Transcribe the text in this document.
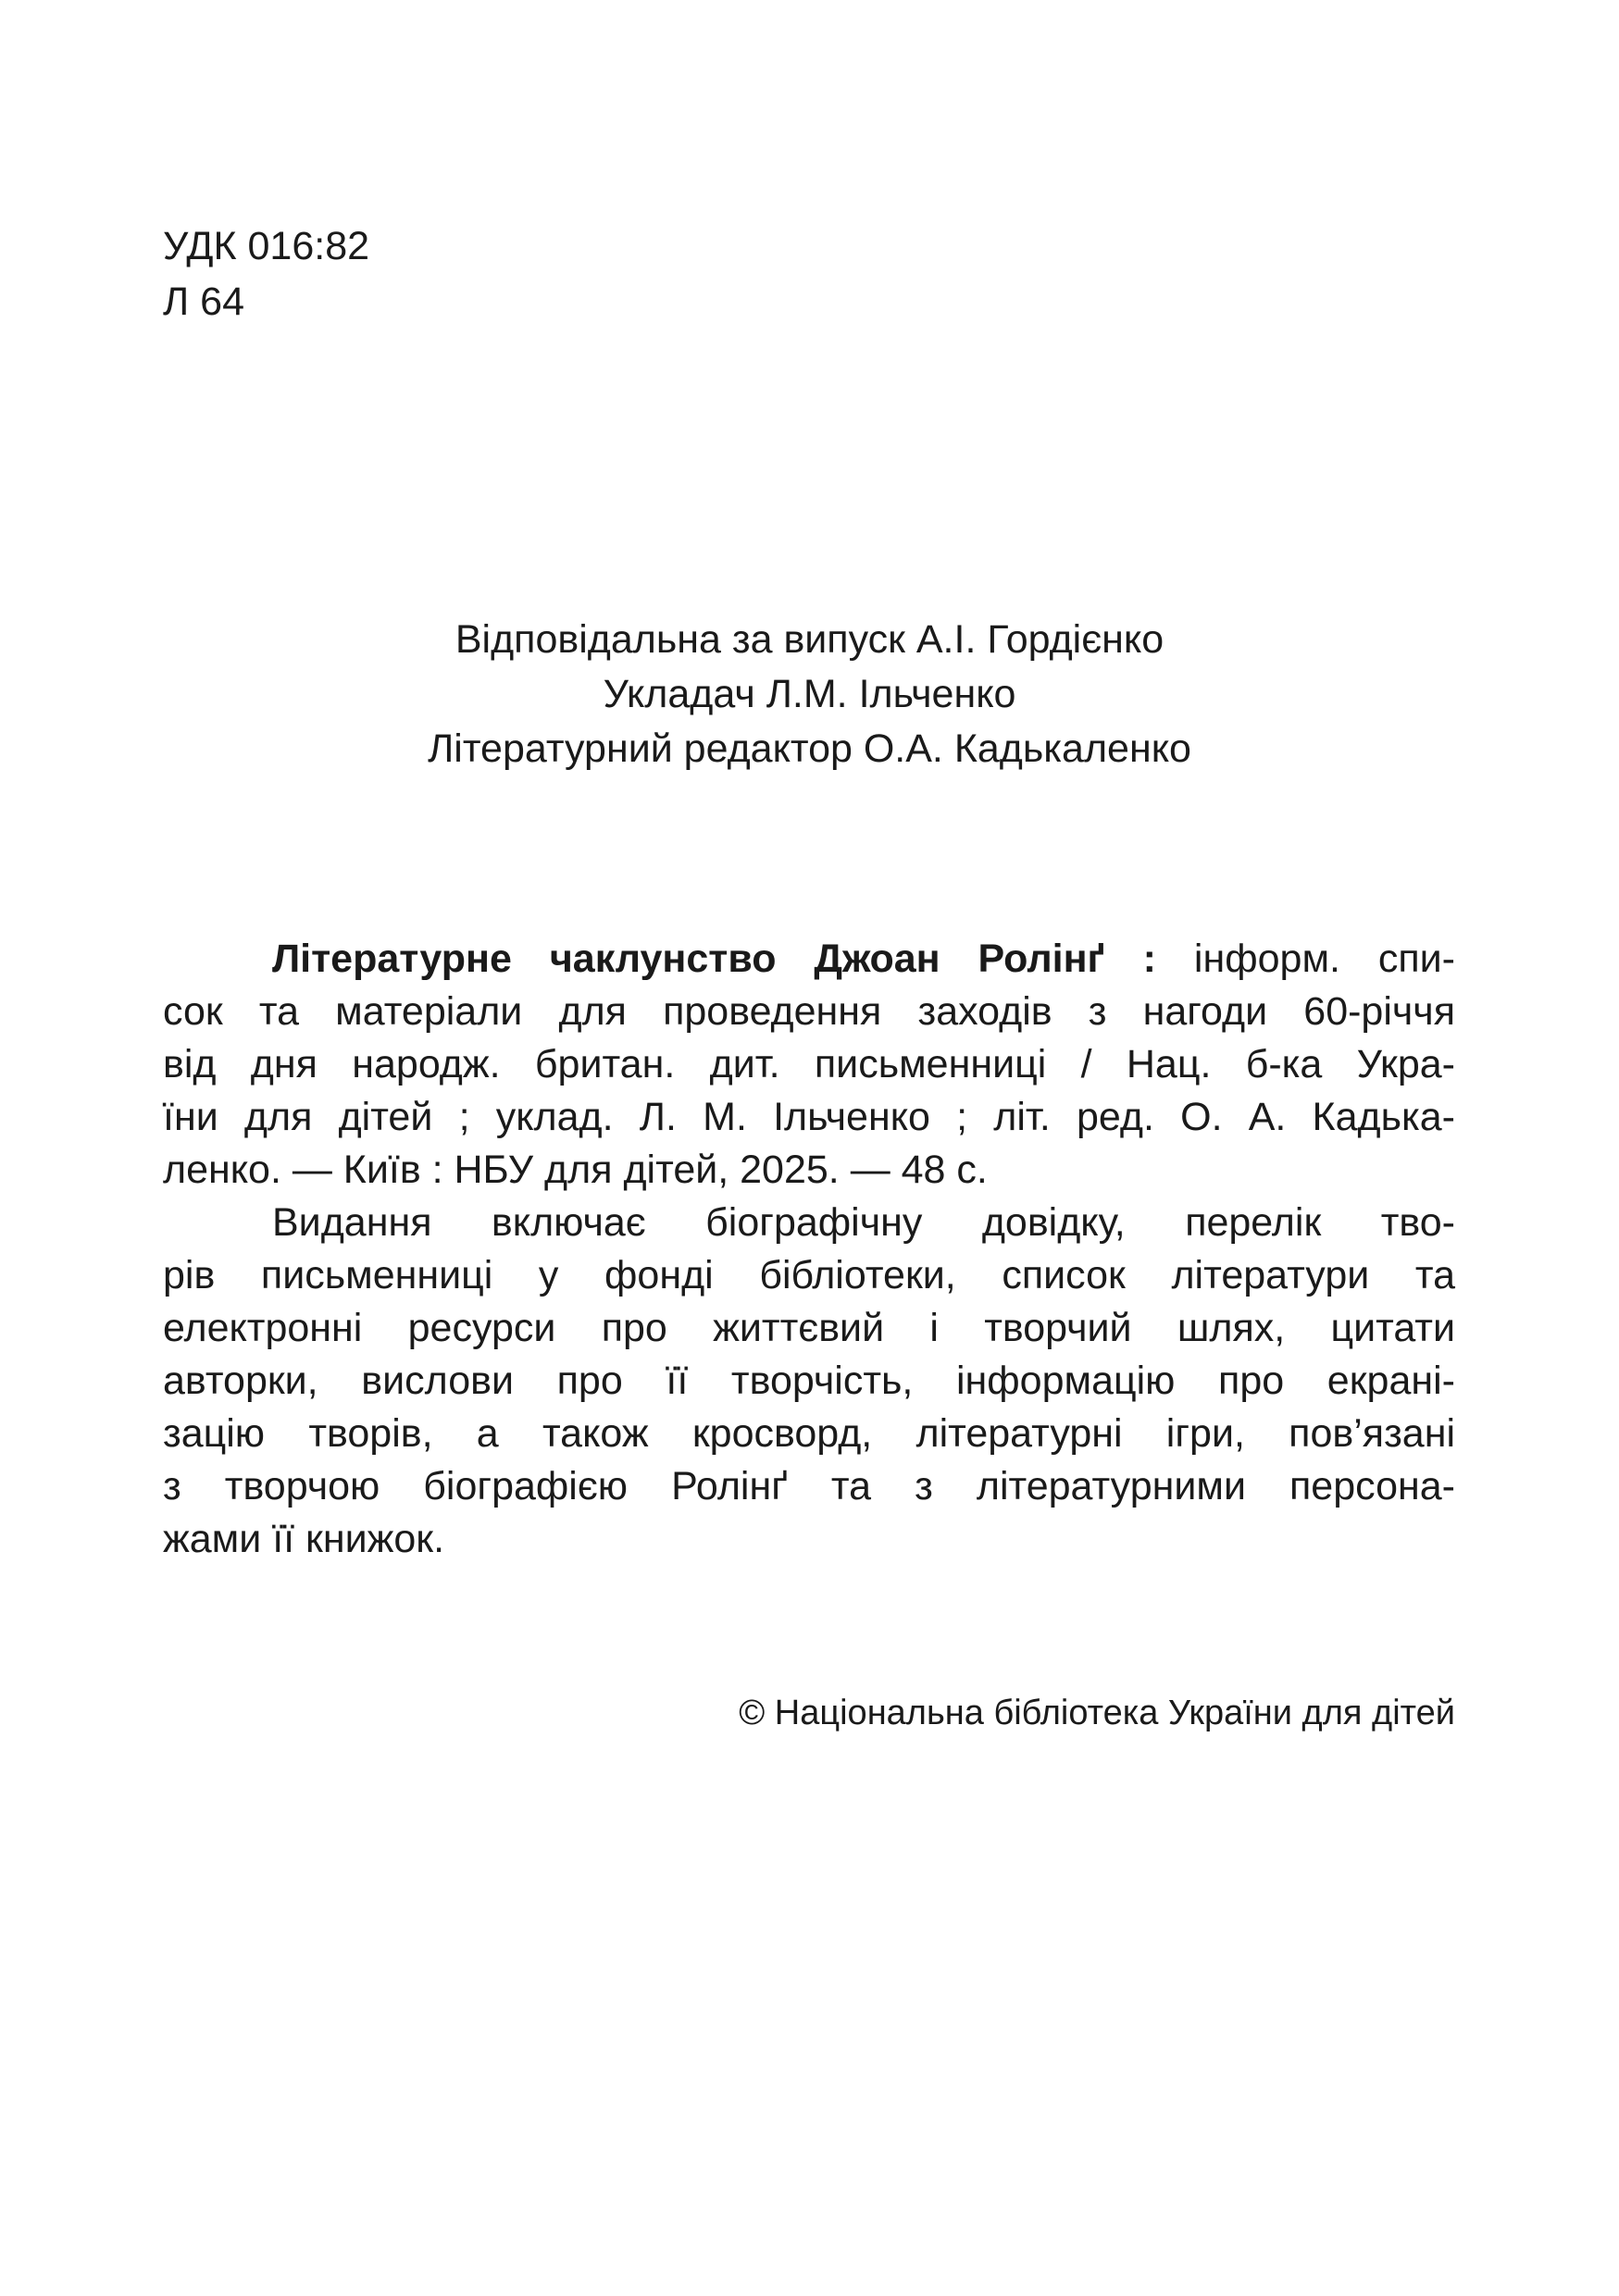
УДК 016:82
Л 64
Відповідальна за випуск А.І. Гордієнко
Укладач Л.М. Ільченко
Літературний редактор О.А. Кадькаленко
Літературне чаклунство Джоан Ролінґ : інформ. спи-
сок та матеріали для проведення заходів з нагоди 60-річчя
від дня народж. британ. дит. письменниці / Нац. б-ка Укра-
їни для дітей ; уклад. Л. М. Ільченко ; літ. ред. О. А. Кадька-
ленко. — Київ : НБУ для дітей, 2025. — 48 с.
Видання включає біографічну довідку, перелік тво-
рів письменниці у фонді бібліотеки, список літератури та
електронні ресурси про життєвий і творчий шлях, цитати
авторки, вислови про її творчість, інформацію про екрані-
зацію творів, а також кросворд, літературні ігри, пов’язані
з творчою біографією Ролінґ та з літературними персона-
жами її книжок.
© Національна бібліотека України для дітей
